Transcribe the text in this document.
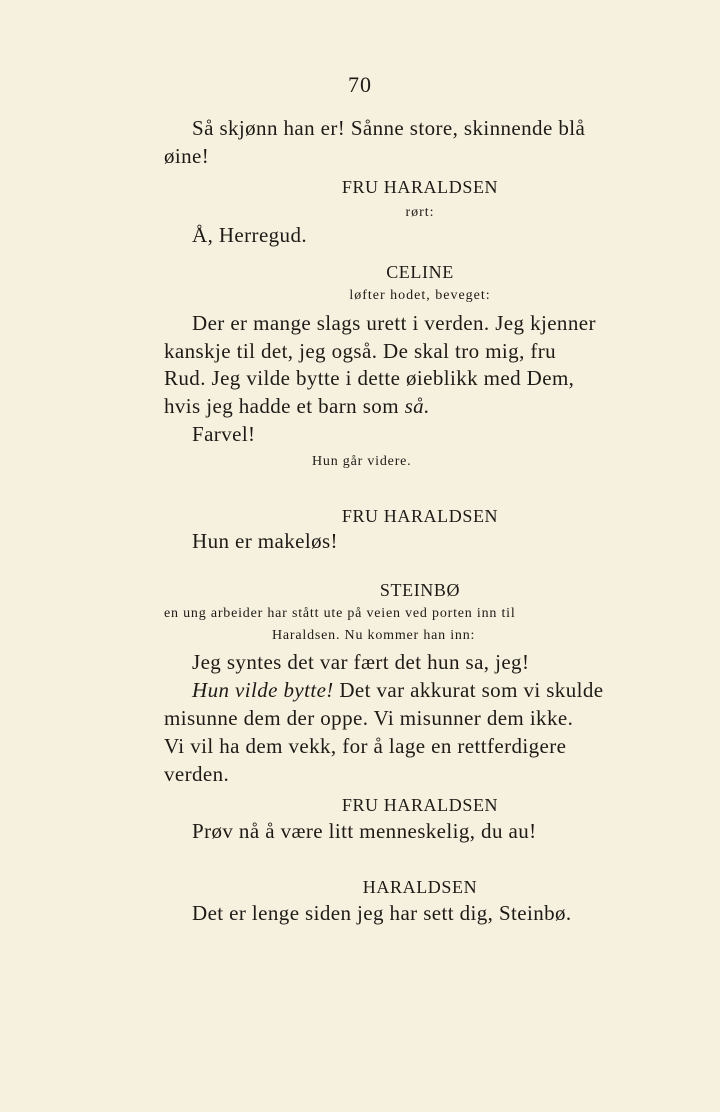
70
Så skjønn han er! Sånne store, skinnende blå
øine!
FRU HARALDSEN
rørt:
Å, Herregud.
CELINE
løfter hodet, beveget:
Der er mange slags urett i verden. Jeg kjenner
kanskje til det, jeg også. De skal tro mig, fru
Rud. Jeg vilde bytte i dette øieblikk med Dem,
hvis jeg hadde et barn som så.
Farvel!
Hun går videre.
FRU HARALDSEN
Hun er makeløs!
STEINBØ
en ung arbeider har stått ute på veien ved porten inn til
Haraldsen. Nu kommer han inn:
Jeg syntes det var fært det hun sa, jeg!
Hun vilde bytte! Det var akkurat som vi skulde
misunne dem der oppe. Vi misunner dem ikke.
Vi vil ha dem vekk, for å lage en rettferdigere
verden.
FRU HARALDSEN
Prøv nå å være litt menneskelig, du au!
HARALDSEN
Det er lenge siden jeg har sett dig, Steinbø.
